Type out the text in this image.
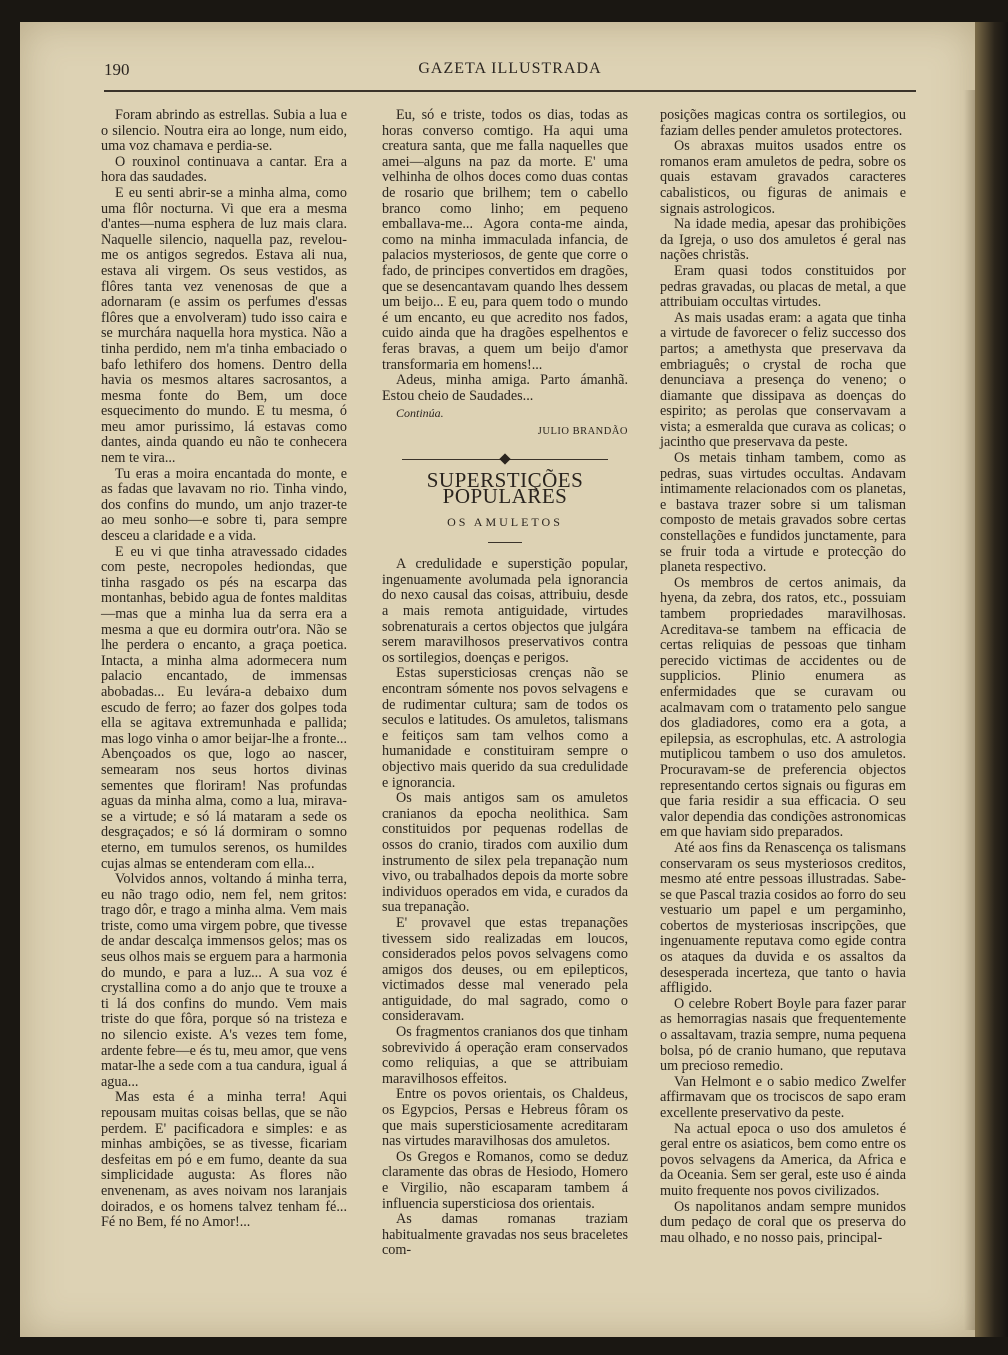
190	GAZETA ILLUSTRADA

Foram abrindo as estrellas. Subia a lua e o silencio. Noutra eira ao longe, num eido, uma voz chamava e perdia-se.

O rouxinol continuava a cantar. Era a hora das saudades.

E eu senti abrir-se a minha alma, como uma flôr nocturna. Vi que era a mesma d'antes—numa esphera de luz mais clara. Naquelle silencio, naquella paz, revelou-me os antigos segredos. Estava ali nua, estava ali virgem. Os seus vestidos, as flôres tanta vez venenosas de que a adornaram (e assim os perfumes d'essas flôres que a envolveram) tudo isso caira e se murchára naquella hora mystica. Não a tinha perdido, nem m'a tinha embaciado o bafo lethifero dos homens. Dentro della havia os mesmos altares sacrosantos, a mesma fonte do Bem, um doce esquecimento do mundo. E tu mesma, ó meu amor purissimo, lá estavas como dantes, ainda quando eu não te conhecera nem te vira...

Tu eras a moira encantada do monte, e as fadas que lavavam no rio. Tinha vindo, dos confins do mundo, um anjo trazer-te ao meu sonho—e sobre ti, para sempre desceu a claridade e a vida.

E eu vi que tinha atravessado cidades com peste, necropoles hediondas, que tinha rasgado os pés na escarpa das montanhas, bebido agua de fontes malditas—mas que a minha lua da serra era a mesma a que eu dormira outr'ora. Não se lhe perdera o encanto, a graça poetica. Intacta, a minha alma adormecera num palacio encantado, de immensas abobadas... Eu levára-a debaixo dum escudo de ferro; ao fazer dos golpes toda ella se agitava extremunhada e pallida; mas logo vinha o amor beijar-lhe a fronte... Abençoados os que, logo ao nascer, semearam nos seus hortos divinas sementes que floriram! Nas profundas aguas da minha alma, como a lua, mirava-se a virtude; e só lá mataram a sede os desgraçados; e só lá dormiram o somno eterno, em tumulos serenos, os humildes cujas almas se entenderam com ella...

Volvidos annos, voltando á minha terra, eu não trago odio, nem fel, nem gritos: trago dôr, e trago a minha alma. Vem mais triste, como uma virgem pobre, que tivesse de andar descalça immensos gelos; mas os seus olhos mais se erguem para a harmonia do mundo, e para a luz... A sua voz é crystallina como a do anjo que te trouxe a ti lá dos confins do mundo. Vem mais triste do que fôra, porque só na tristeza e no silencio existe. A's vezes tem fome, ardente febre—e és tu, meu amor, que vens matar-lhe a sede com a tua candura, igual á agua...

Mas esta é a minha terra! Aqui repousam muitas coisas bellas, que se não perdem. E' pacificadora e simples: e as minhas ambições, se as tivesse, ficariam desfeitas em pó e em fumo, deante da sua simplicidade augusta: As flores não envenenam, as aves noivam nos laranjais doirados, e os homens talvez tenham fé... Fé no Bem, fé no Amor!...

Eu, só e triste, todos os dias, todas as horas converso comtigo. Ha aqui uma creatura santa, que me falla naquelles que amei—alguns na paz da morte. E' uma velhinha de olhos doces como duas contas de rosario que brilhem; tem o cabello branco como linho; em pequeno emballava-me... Agora conta-me ainda, como na minha immaculada infancia, de palacios mysteriosos, de gente que corre o fado, de principes convertidos em dragões, que se desencantavam quando lhes dessem um beijo... E eu, para quem todo o mundo é um encanto, eu que acredito nos fados, cuido ainda que ha dragões espelhentos e feras bravas, a quem um beijo d'amor transformaria em homens!...

Adeus, minha amiga. Parto ámanhã. Estou cheio de Saudades...

Continúa.
JULIO BRANDÃO
SUPERSTIÇÕES POPULARES
OS AMULETOS

A credulidade e superstição popular, ingenuamente avolumada pela ignorancia do nexo causal das coisas, attribuiu, desde a mais remota antiguidade, virtudes sobrenaturais a certos objectos que julgára serem maravilhosos preservativos contra os sortilegios, doenças e perigos.

Estas supersticiosas crenças não se encontram sómente nos povos selvagens e de rudimentar cultura; sam de todos os seculos e latitudes. Os amuletos, talismans e feitiços sam tam velhos como a humanidade e constituiram sempre o objectivo mais querido da sua credulidade e ignorancia.

Os mais antigos sam os amuletos cranianos da epocha neolithica. Sam constituidos por pequenas rodellas de ossos do cranio, tirados com auxilio dum instrumento de silex pela trepanação num vivo, ou trabalhados depois da morte sobre individuos operados em vida, e curados da sua trepanação.

E' provavel que estas trepanações tivessem sido realizadas em loucos, considerados pelos povos selvagens como amigos dos deuses, ou em epilepticos, victimados desse mal venerado pela antiguidade, do mal sagrado, como o consideravam.

Os fragmentos cranianos dos que tinham sobrevivido á operação eram conservados como reliquias, a que se attribuiam maravilhosos effeitos.

Entre os povos orientais, os Chaldeus, os Egypcios, Persas e Hebreus fôram os que mais supersticiosamente acreditaram nas virtudes maravilhosas dos amuletos.

Os Gregos e Romanos, como se deduz claramente das obras de Hesiodo, Homero e Virgilio, não escaparam tambem á influencia supersticiosa dos orientais.

As damas romanas traziam habitualmente gravadas nos seus braceletes com-

posições magicas contra os sortilegios, ou faziam delles pender amuletos protectores.

Os abraxas muitos usados entre os romanos eram amuletos de pedra, sobre os quais estavam gravados caracteres cabalisticos, ou figuras de animais e signais astrologicos.

Na idade media, apesar das prohibições da Igreja, o uso dos amuletos é geral nas nações christãs.

Eram quasi todos constituidos por pedras gravadas, ou placas de metal, a que attribuiam occultas virtudes.

As mais usadas eram: a agata que tinha a virtude de favorecer o feliz successo dos partos; a amethysta que preservava da embriaguês; o crystal de rocha que denunciava a presença do veneno; o diamante que dissipava as doenças do espirito; as perolas que conservavam a vista; a esmeralda que curava as colicas; o jacintho que preservava da peste.

Os metais tinham tambem, como as pedras, suas virtudes occultas. Andavam intimamente relacionados com os planetas, e bastava trazer sobre si um talisman composto de metais gravados sobre certas constellações e fundidos junctamente, para se fruir toda a virtude e protecção do planeta respectivo.

Os membros de certos animais, da hyena, da zebra, dos ratos, etc., possuiam tambem propriedades maravilhosas. Acreditava-se tambem na efficacia de certas reliquias de pessoas que tinham perecido victimas de accidentes ou de supplicios. Plinio enumera as enfermidades que se curavam ou acalmavam com o tratamento pelo sangue dos gladiadores, como era a gota, a epilepsia, as escrophulas, etc. A astrologia mutiplicou tambem o uso dos amuletos. Procuravam-se de preferencia objectos representando certos signais ou figuras em que faria residir a sua efficacia. O seu valor dependia das condições astronomicas em que haviam sido preparados.

Até aos fins da Renascença os talismans conservaram os seus mysteriosos creditos, mesmo até entre pessoas illustradas. Sabe-se que Pascal trazia cosidos ao forro do seu vestuario um papel e um pergaminho, cobertos de mysteriosas inscripções, que ingenuamente reputava como egide contra os ataques da duvida e os assaltos da desesperada incerteza, que tanto o havia affligido.

O celebre Robert Boyle para fazer parar as hemorragias nasais que frequentemente o assaltavam, trazia sempre, numa pequena bolsa, pó de cranio humano, que reputava um precioso remedio.

Van Helmont e o sabio medico Zwelfer affirmavam que os trociscos de sapo eram excellente preservativo da peste.

Na actual epoca o uso dos amuletos é geral entre os asiaticos, bem como entre os povos selvagens da America, da Africa e da Oceania. Sem ser geral, este uso é ainda muito frequente nos povos civilizados.

Os napolitanos andam sempre munidos dum pedaço de coral que os preserva do mau olhado, e no nosso pais, principal-
